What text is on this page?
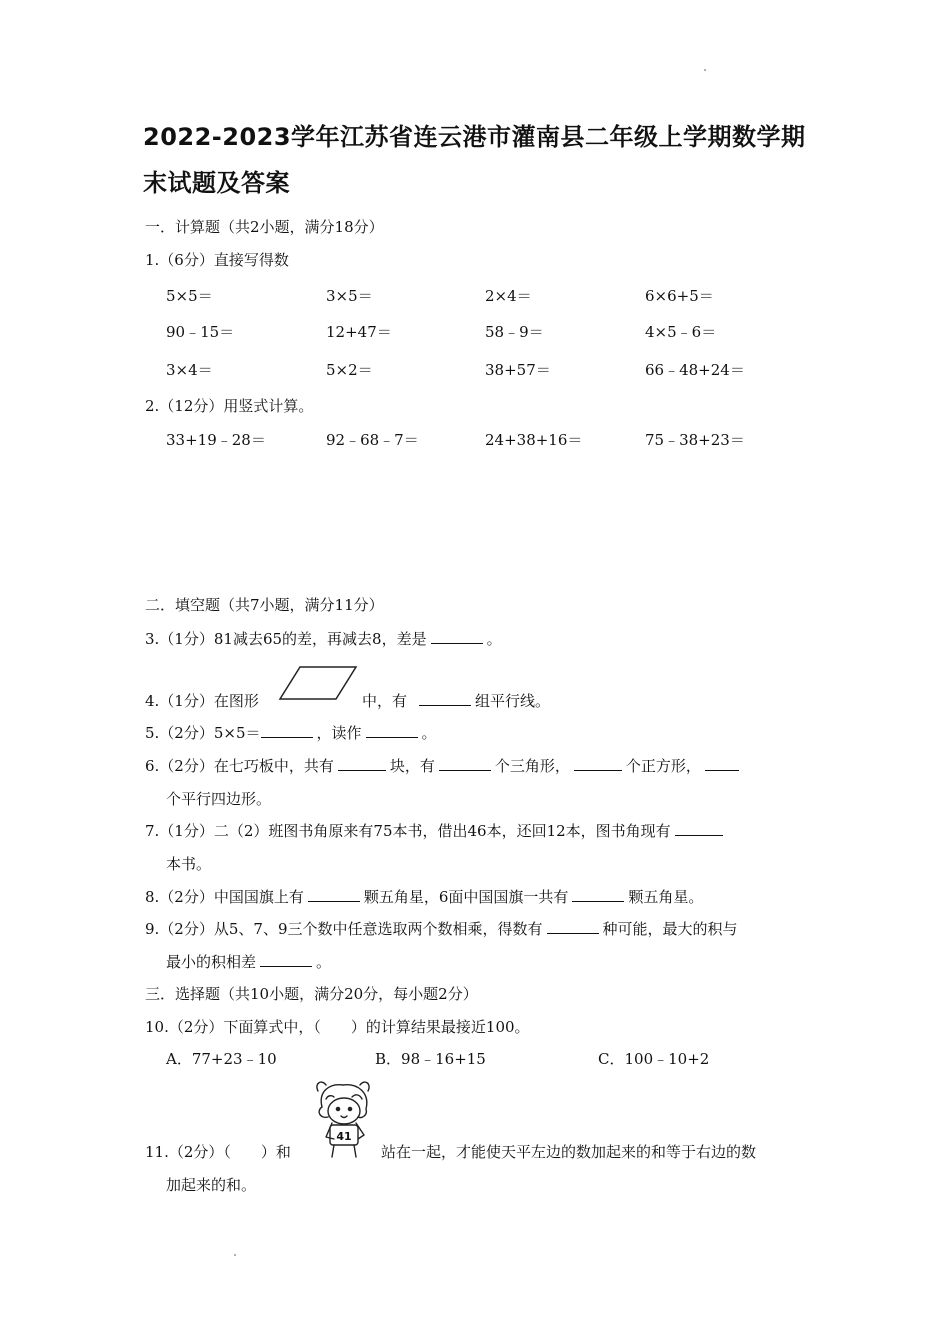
2022-2023学年江苏省连云港市灌南县二年级上学期数学期末试题及答案
一．计算题（共2小题，满分18分）
1.（6分）直接写得数
5×5＝	3×5＝	2×4＝	6×6+5＝
90﹣15＝	12+47＝	58﹣9＝	4×5﹣6＝
3×4＝	5×2＝	38+57＝	66﹣48+24＝
2.（12分）用竖式计算。
33+19﹣28＝	92﹣68﹣7＝	24+38+16＝	75﹣38+23＝
二．填空题（共7小题，满分11分）
3.（1分）81减去65的差，再减去8，差是	。
4.（1分）在图形	中，有	组平行线。
5.（2分）5×5＝	，读作	。
6.（2分）在七巧板中，共有	块，有	个三角形，	个正方形，
个平行四边形。
7.（1分）二（2）班图书角原来有75本书，借出46本，还回12本，图书角现有
本书。
8.（2分）中国国旗上有	颗五角星，6面中国国旗一共有	颗五角星。
9.（2分）从5、7、9三个数中任意选取两个数相乘，得数有	种可能，最大的积与
最小的积相差	。
三．选择题（共10小题，满分20分，每小题2分）
10.（2分）下面算式中，（　　）的计算结果最接近100。
A．77+23﹣10	B．98﹣16+15	C．100﹣10+2
41
11.（2分）（　　）和	站在一起，才能使天平左边的数加起来的和等于右边的数
加起来的和。
